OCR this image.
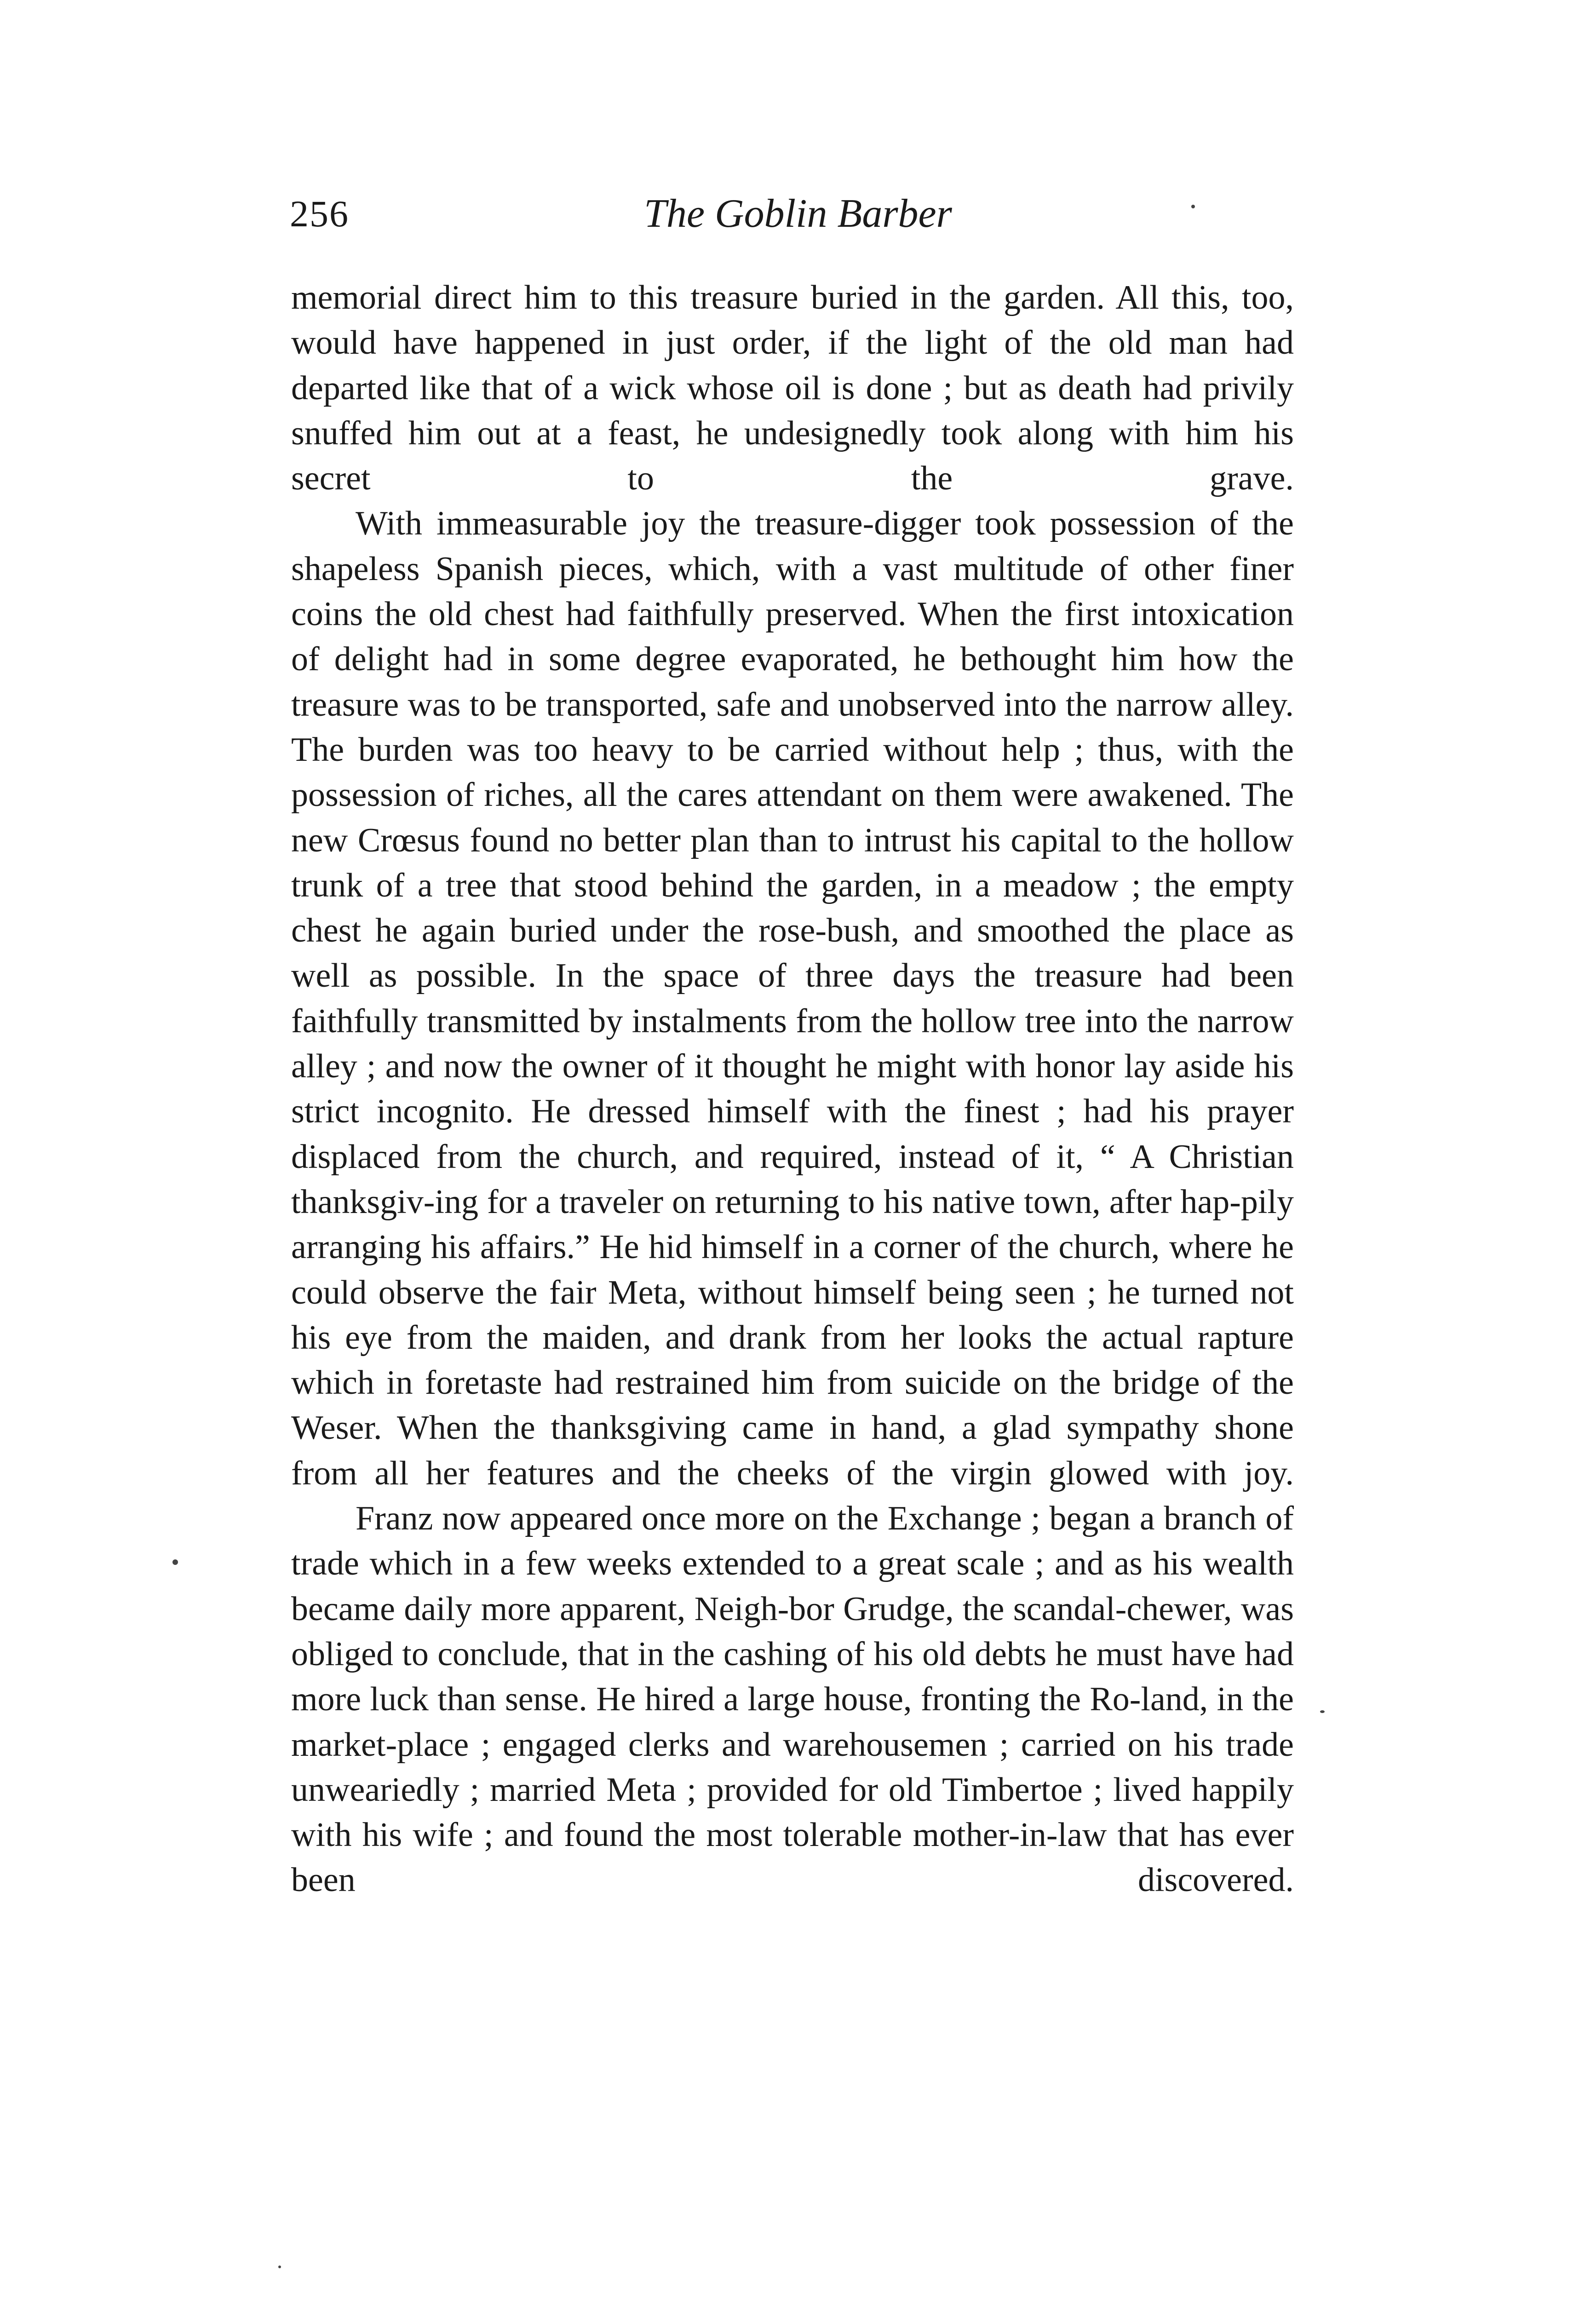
256	The Goblin Barber

memorial direct him to this treasure buried in the garden. All this, too, would have happened in just order, if the light of the old man had departed like that of a wick whose oil is done ; but as death had privily snuffed him out at a feast, he undesignedly took along with him his secret to the grave.

With immeasurable joy the treasure-digger took possession of the shapeless Spanish pieces, which, with a vast multitude of other finer coins the old chest had faithfully preserved. When the first intoxication of delight had in some degree evaporated, he bethought him how the treasure was to be transported, safe and unobserved into the narrow alley. The burden was too heavy to be carried without help ; thus, with the possession of riches, all the cares attendant on them were awakened. The new Crœsus found no better plan than to intrust his capital to the hollow trunk of a tree that stood behind the garden, in a meadow ; the empty chest he again buried under the rose-bush, and smoothed the place as well as possible. In the space of three days the treasure had been faithfully transmitted by instalments from the hollow tree into the narrow alley ; and now the owner of it thought he might with honor lay aside his strict incognito. He dressed himself with the finest ; had his prayer displaced from the church, and required, instead of it, “ A Christian thanksgiv-ing for a traveler on returning to his native town, after hap-pily arranging his affairs.” He hid himself in a corner of the church, where he could observe the fair Meta, without himself being seen ; he turned not his eye from the maiden, and drank from her looks the actual rapture which in foretaste had restrained him from suicide on the bridge of the Weser. When the thanksgiving came in hand, a glad sympathy shone from all her features and the cheeks of the virgin glowed with joy.

Franz now appeared once more on the Exchange ; began a branch of trade which in a few weeks extended to a great scale ; and as his wealth became daily more apparent, Neigh-bor Grudge, the scandal-chewer, was obliged to conclude, that in the cashing of his old debts he must have had more luck than sense. He hired a large house, fronting the Ro-land, in the market-place ; engaged clerks and warehousemen ; carried on his trade unweariedly ; married Meta ; provided for old Timbertoe ; lived happily with his wife ; and found the most tolerable mother-in-law that has ever been discovered.
